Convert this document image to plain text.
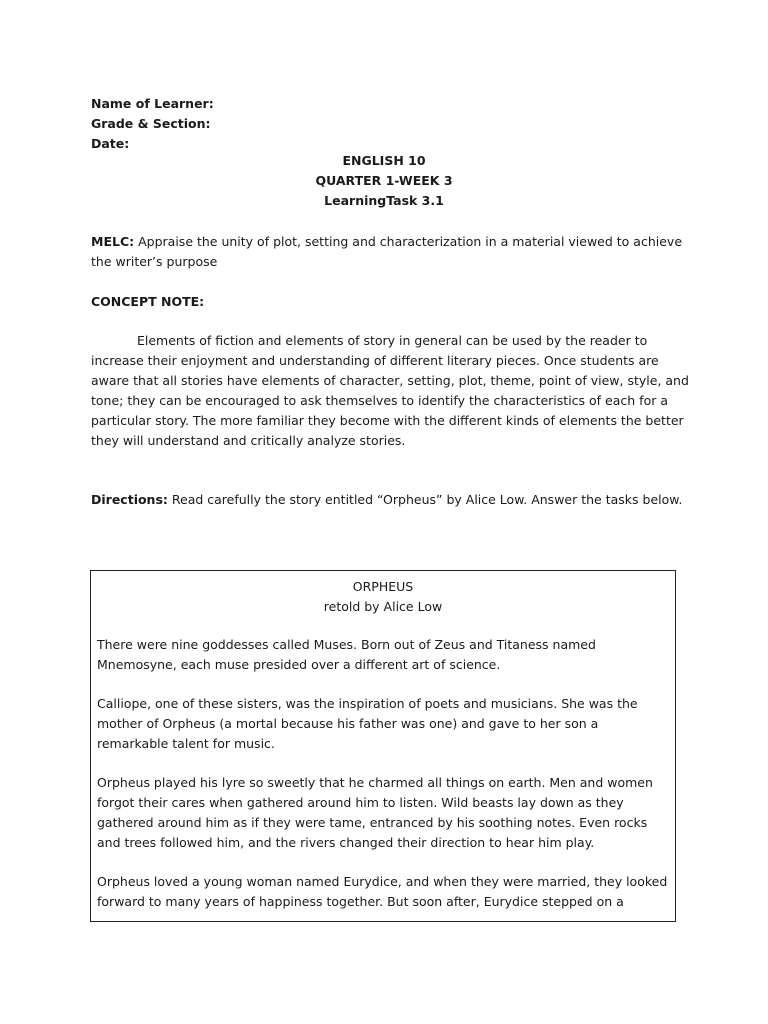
Name of Learner:
Grade & Section:
Date:
ENGLISH 10
QUARTER 1-WEEK 3
LearningTask 3.1
MELC: Appraise the unity of plot, setting and characterization in a material viewed to achieve the writer’s purpose
CONCEPT NOTE:
Elements of fiction and elements of story in general can be used by the reader to increase their enjoyment and understanding of different literary pieces. Once students are aware that all stories have elements of character, setting, plot, theme, point of view, style, and tone; they can be encouraged to ask themselves to identify the characteristics of each for a particular story. The more familiar they become with the different kinds of elements the better they will understand and critically analyze stories.
Directions: Read carefully the story entitled “Orpheus” by Alice Low. Answer the tasks below.
ORPHEUS
retold by Alice Low

There were nine goddesses called Muses. Born out of Zeus and Titaness named Mnemosyne, each muse presided over a different art of science.

Calliope, one of these sisters, was the inspiration of poets and musicians. She was the mother of Orpheus (a mortal because his father was one) and gave to her son a remarkable talent for music.

Orpheus played his lyre so sweetly that he charmed all things on earth. Men and women forgot their cares when gathered around him to listen. Wild beasts lay down as they gathered around him as if they were tame, entranced by his soothing notes. Even rocks and trees followed him, and the rivers changed their direction to hear him play.

Orpheus loved a young woman named Eurydice, and when they were married, they looked forward to many years of happiness together. But soon after, Eurydice stepped on a
